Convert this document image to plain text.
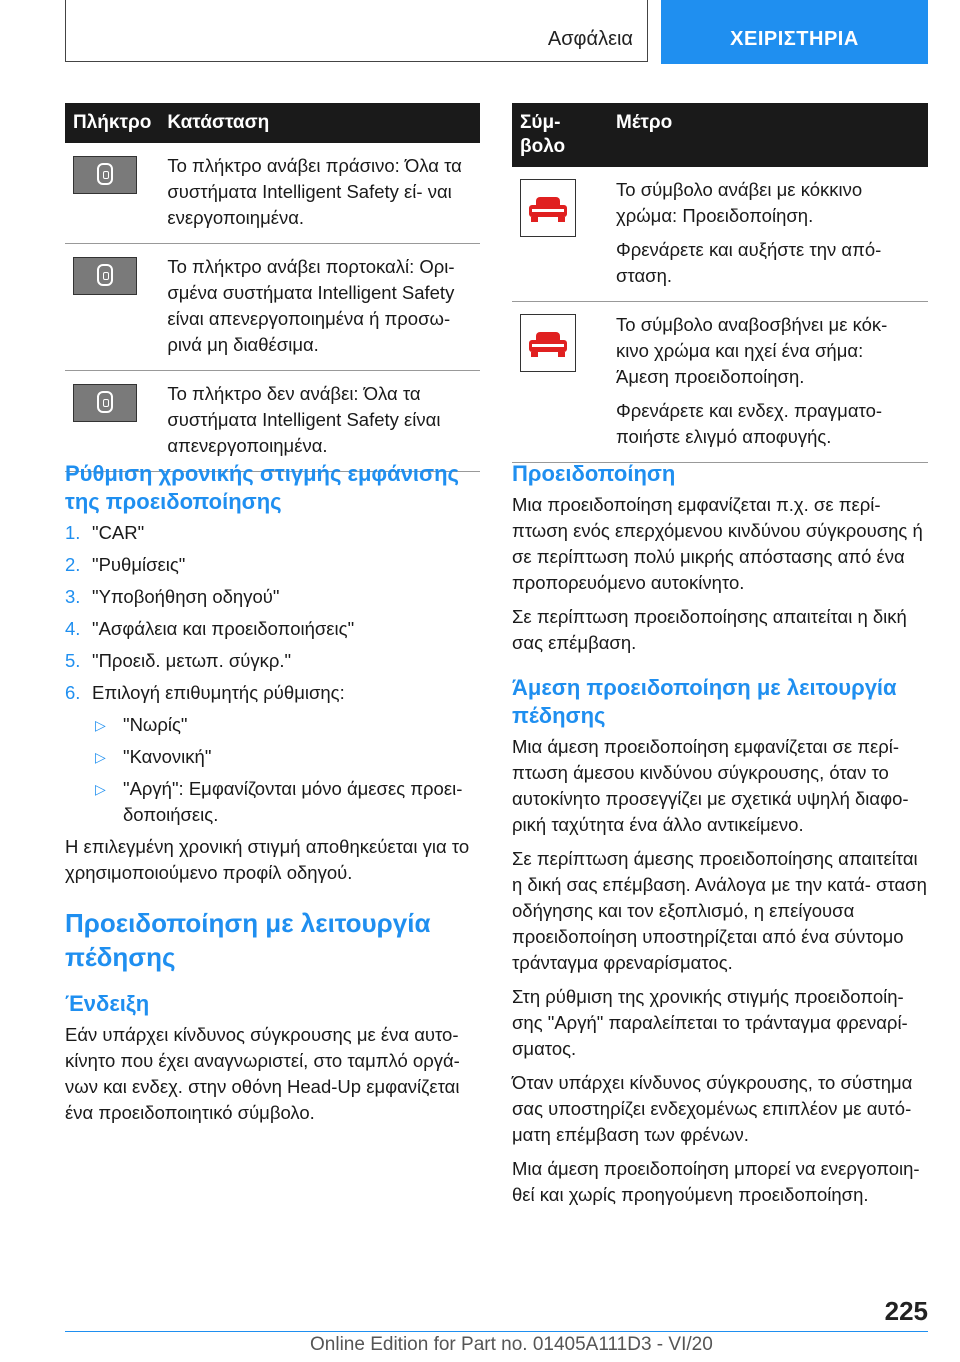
Ασφάλεια	ΧΕΙΡΙΣΤΗΡΙΑ
Πλήκτρο	Κατάσταση

	Το πλήκτρο ανάβει πράσινο: Όλα τα συστήματα Intelligent Safety εί- ναι ενεργοποιημένα.

	Το πλήκτρο ανάβει πορτοκαλί: Ορι- σμένα συστήματα Intelligent Safety είναι απενεργοποιημένα ή προσω- ρινά μη διαθέσιμα.

	Το πλήκτρο δεν ανάβει: Όλα τα συστήματα Intelligent Safety είναι απενεργοποιημένα.
Σύμ- βολο	Μέτρο

	Το σύμβολο ανάβει με κόκκινο χρώμα: Προειδοποίηση.

Φρενάρετε και αυξήστε την από- σταση.

	Το σύμβολο αναβοσβήνει με κόκ- κινο χρώμα και ηχεί ένα σήμα: Άμεση προειδοποίηση.

Φρενάρετε και ενδεχ. πραγματο- ποιήστε ελιγμό αποφυγής.

Ρύθμιση χρονικής στιγμής εμφάνισης της προειδοποίησης
1. "CAR"
2. "Ρυθμίσεις"
3. "Υποβοήθηση οδηγού"
4. "Ασφάλεια και προειδοποιήσεις"
5. "Προειδ. μετωπ. σύγκρ."
6. Επιλογή επιθυμητής ρύθμισης:
▷ "Νωρίς"
▷ "Κανονική"
▷ "Αργή": Εμφανίζονται μόνο άμεσες προει- δοποιήσεις.

Η επιλεγμένη χρονική στιγμή αποθηκεύεται για το χρησιμοποιούμενο προφίλ οδηγού.

Προειδοποίηση με λειτουργία πέδησης
Ένδειξη

Εάν υπάρχει κίνδυνος σύγκρουσης με ένα αυτο- κίνητο που έχει αναγνωριστεί, στο ταμπλό οργά- νων και ενδεχ. στην οθόνη Head-Up εμφανίζεται ένα προειδοποιητικό σύμβολο.

Προειδοποίηση

Μια προειδοποίηση εμφανίζεται π.χ. σε περί- πτωση ενός επερχόμενου κινδύνου σύγκρουσης ή σε περίπτωση πολύ μικρής απόστασης από ένα προπορευόμενο αυτοκίνητο.

Σε περίπτωση προειδοποίησης απαιτείται η δική σας επέμβαση.

Άμεση προειδοποίηση με λειτουργία πέδησης

Μια άμεση προειδοποίηση εμφανίζεται σε περί- πτωση άμεσου κινδύνου σύγκρουσης, όταν το αυτοκίνητο προσεγγίζει με σχετικά υψηλή διαφο- ρική ταχύτητα ένα άλλο αντικείμενο.

Σε περίπτωση άμεσης προειδοποίησης απαιτείται η δική σας επέμβαση. Ανάλογα με την κατά- σταση οδήγησης και τον εξοπλισμό, η επείγουσα προειδοποίηση υποστηρίζεται από ένα σύντομο τράνταγμα φρεναρίσματος.

Στη ρύθμιση της χρονικής στιγμής προειδοποίη- σης "Αργή" παραλείπεται το τράνταγμα φρεναρί- σματος.

Όταν υπάρχει κίνδυνος σύγκρουσης, το σύστημα σας υποστηρίζει ενδεχομένως επιπλέον με αυτό- ματη επέμβαση των φρένων.

Μια άμεση προειδοποίηση μπορεί να ενεργοποιη- θεί και χωρίς προηγούμενη προειδοποίηση.

225
Online Edition for Part no. 01405A111D3 - VI/20
